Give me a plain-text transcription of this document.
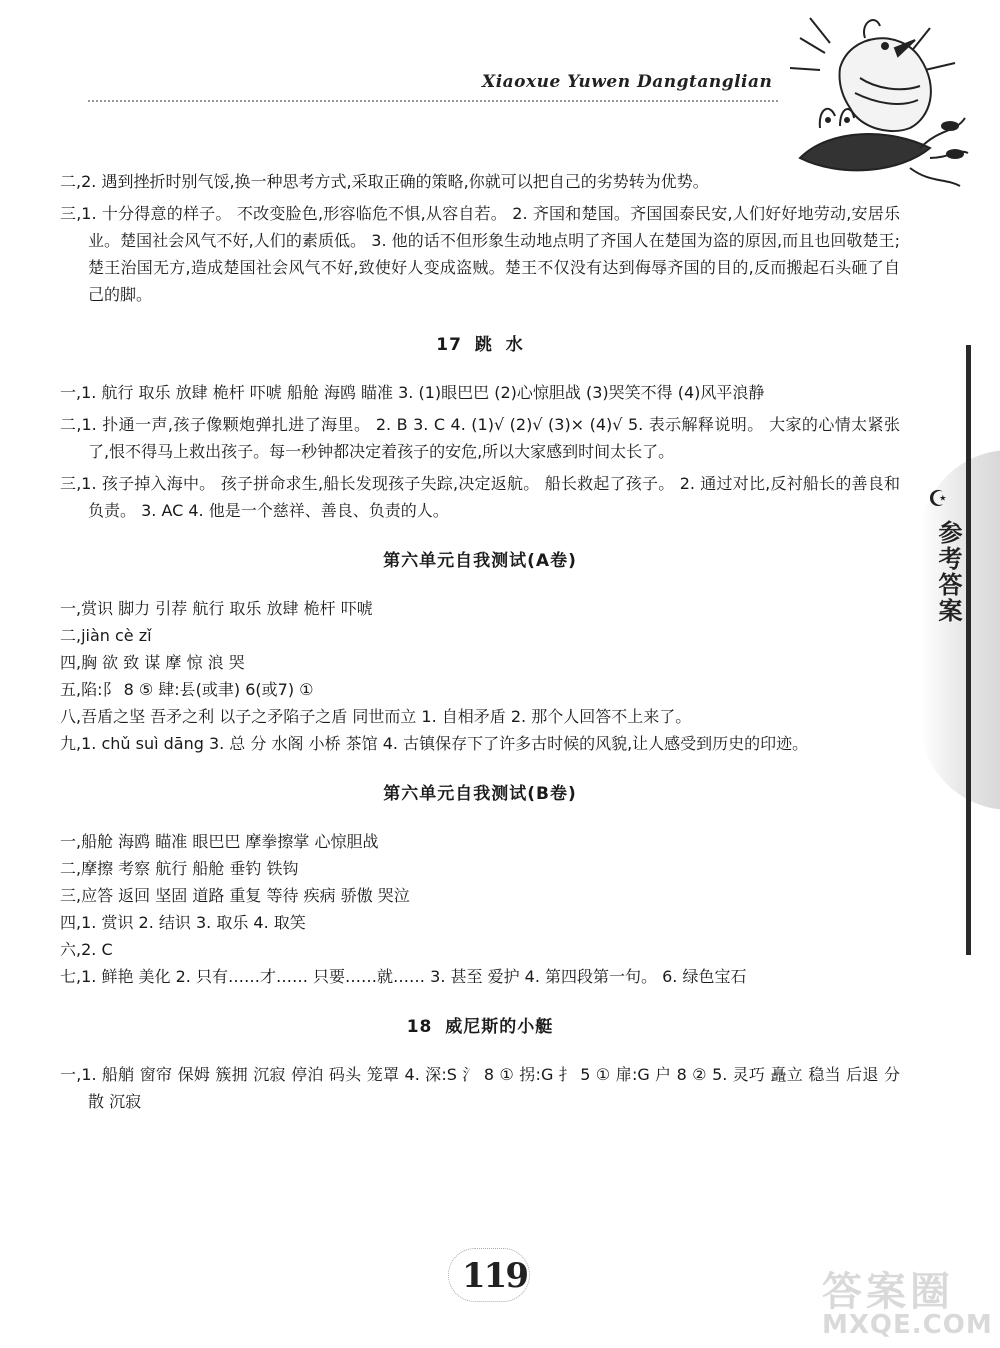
Xiaoxue Yuwen Dangtanglian
☪
参考答案

二,2. 遇到挫折时别气馁,换一种思考方式,采取正确的策略,你就可以把自己的劣势转为优势。

三,1. 十分得意的样子。 不改变脸色,形容临危不惧,从容自若。 2. 齐国和楚国。齐国国泰民安,人们好好地劳动,安居乐业。楚国社会风气不好,人们的素质低。 3. 他的话不但形象生动地点明了齐国人在楚国为盗的原因,而且也回敬楚王;楚王治国无方,造成楚国社会风气不好,致使好人变成盗贼。楚王不仅没有达到侮辱齐国的目的,反而搬起石头砸了自己的脚。

17 跳 水

一,1. 航行 取乐 放肆 桅杆 吓唬 船舱 海鸥 瞄准 3. (1)眼巴巴 (2)心惊胆战 (3)哭笑不得 (4)风平浪静

二,1. 扑通一声,孩子像颗炮弹扎进了海里。 2. B 3. C 4. (1)√ (2)√ (3)× (4)√ 5. 表示解释说明。 大家的心情太紧张了,恨不得马上救出孩子。每一秒钟都决定着孩子的安危,所以大家感到时间太长了。

三,1. 孩子掉入海中。 孩子拼命求生,船长发现孩子失踪,决定返航。 船长救起了孩子。 2. 通过对比,反衬船长的善良和负责。 3. AC 4. 他是一个慈祥、善良、负责的人。

第六单元自我测试(A卷)

一,赏识 脚力 引荐 航行 取乐 放肆 桅杆 吓唬

二,jiàn cè zǐ

四,胸 欲 致 谋 摩 惊 浪 哭

五,陷:阝 8 ⑤ 肆:镸(或聿) 6(或7) ①

八,吾盾之坚 吾矛之利 以子之矛陷子之盾 同世而立 1. 自相矛盾 2. 那个人回答不上来了。

九,1. chǔ suì dāng 3. 总 分 水阁 小桥 茶馆 4. 古镇保存下了许多古时候的风貌,让人感受到历史的印迹。

第六单元自我测试(B卷)

一,船舱 海鸥 瞄准 眼巴巴 摩拳擦掌 心惊胆战

二,摩擦 考察 航行 船舱 垂钓 铁钩

三,应答 返回 坚固 道路 重复 等待 疾病 骄傲 哭泣

四,1. 赏识 2. 结识 3. 取乐 4. 取笑

六,2. C

七,1. 鲜艳 美化 2. 只有……才…… 只要……就…… 3. 甚至 爱护 4. 第四段第一句。 6. 绿色宝石

18 威尼斯的小艇

一,1. 船艄 窗帘 保姆 簇拥 沉寂 停泊 码头 笼罩 4. 深:S 氵 8 ① 拐:G 扌 5 ① 扉:G 户 8 ② 5. 灵巧 矗立 稳当 后退 分散 沉寂

119	答案圈
MXQE.COM
